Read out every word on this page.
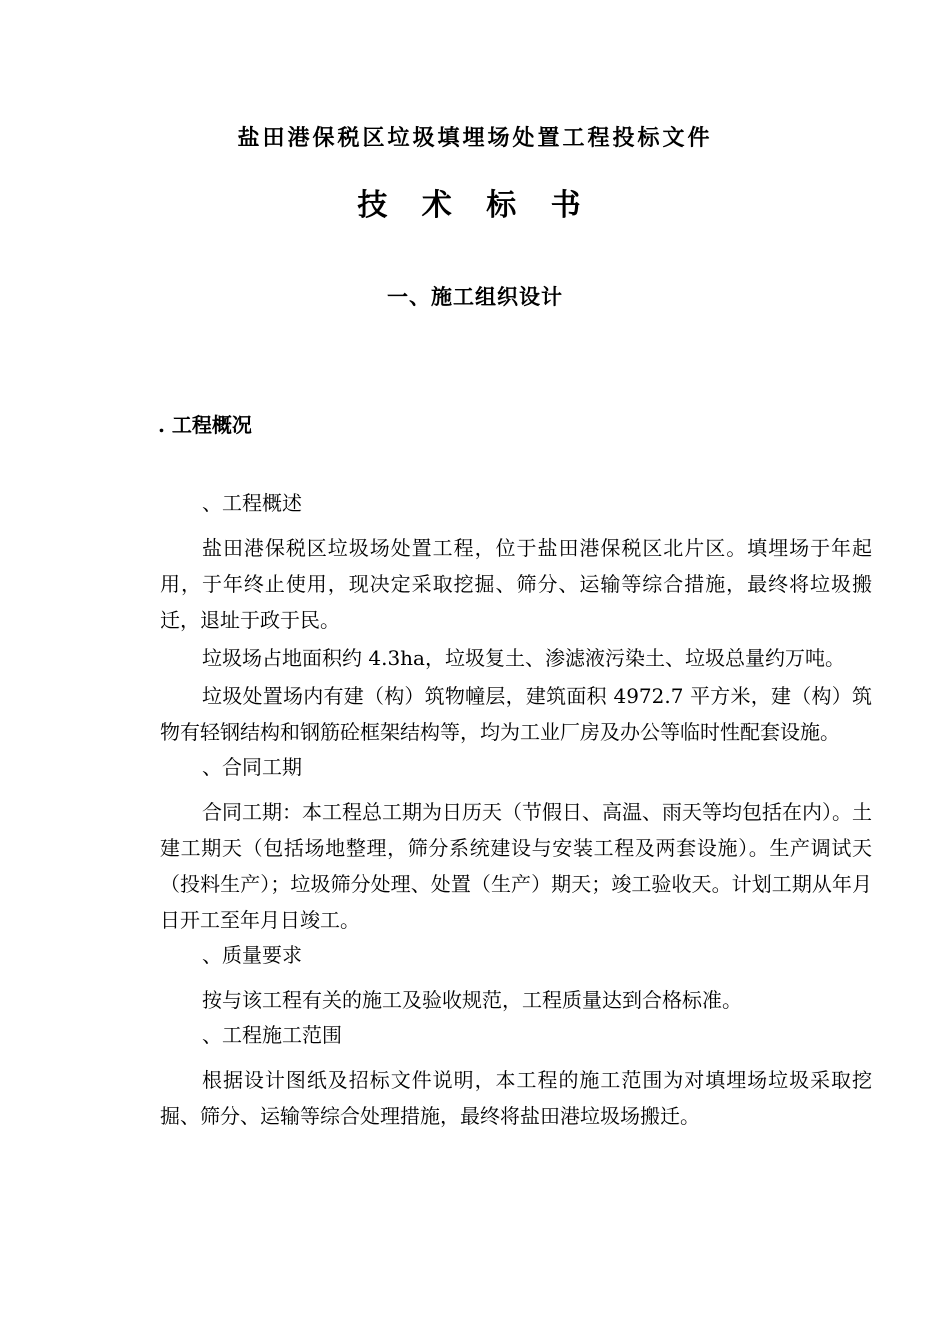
盐田港保税区垃圾填埋场处置工程投标文件
技 术 标 书
一、施工组织设计
. 工程概况

、工程概述

盐田港保税区垃圾场处置工程，位于盐田港保税区北片区。填埋场于年起用，于年终止使用，现决定采取挖掘、筛分、运输等综合措施，最终将垃圾搬迁，退址于政于民。

垃圾场占地面积约 4.3ha，垃圾复土、渗滤液污染土、垃圾总量约万吨。

垃圾处置场内有建（构）筑物幢层，建筑面积 4972.7 平方米，建（构）筑物有轻钢结构和钢筋砼框架结构等，均为工业厂房及办公等临时性配套设施。

、合同工期

合同工期：本工程总工期为日历天（节假日、高温、雨天等均包括在内）。土建工期天（包括场地整理，筛分系统建设与安装工程及两套设施）。生产调试天（投料生产）；垃圾筛分处理、处置（生产）期天；竣工验收天。计划工期从年月日开工至年月日竣工。

、质量要求

按与该工程有关的施工及验收规范，工程质量达到合格标准。

、工程施工范围

根据设计图纸及招标文件说明，本工程的施工范围为对填埋场垃圾采取挖掘、筛分、运输等综合处理措施，最终将盐田港垃圾场搬迁。
